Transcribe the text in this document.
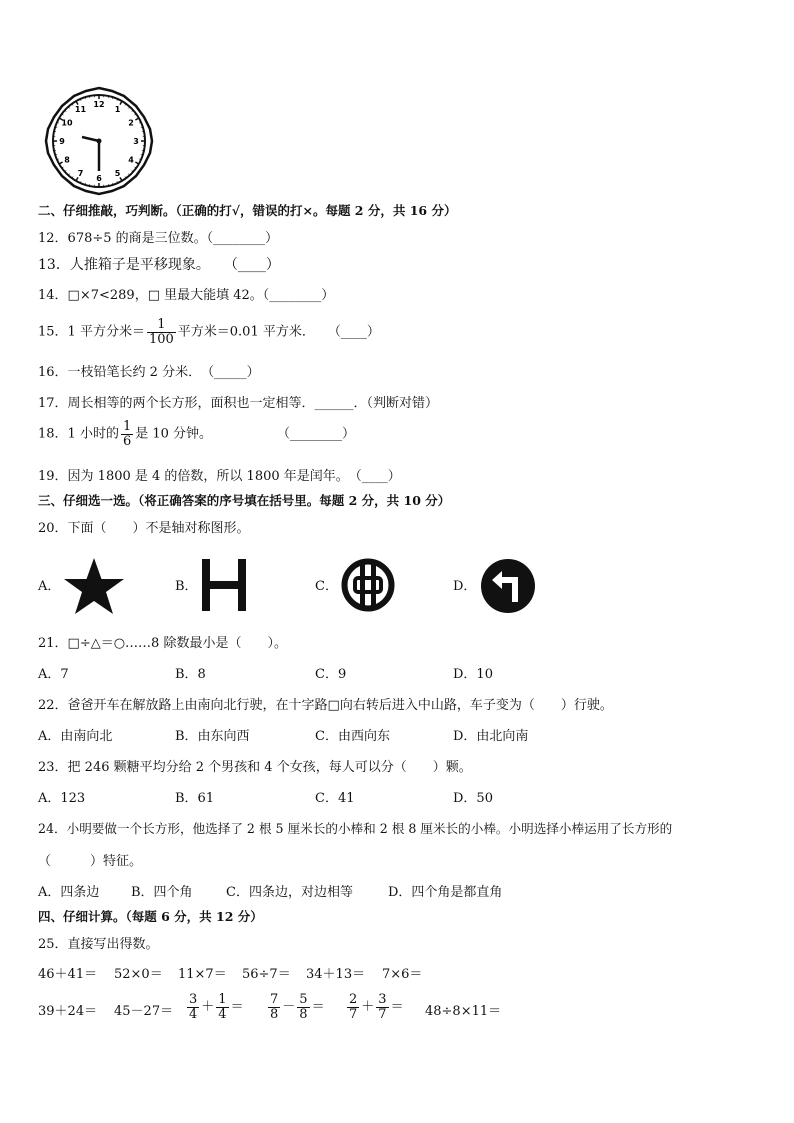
12
1
2
3
4
5
6
7
8
9
10
11
二、仔细推敲，巧判断。（正确的打√，错误的打×。每题 2 分，共 16 分）
12．678÷5 的商是三位数。（________）
13．人推箱子是平移现象。　　（____）
14．□×7<289，□ 里最大能填 42。（________）
15．1 平方分米＝ $\frac{1}{100}$ 平方米＝0.01 平方米．　　（____）
16．一枝铅笔长约 2 分米．　（_____）
17．周长相等的两个长方形，面积也一定相等．______．（判断对错）
18．1 小时的 $\frac{1}{6}$ 是 10 分钟。　　　　　　（________）
19．因为 1800 是 4 的倍数，所以 1800 年是闰年。　（____）
三、仔细选一选。（将正确答案的序号填在括号里。每题 2 分，共 10 分）
20．下面（　　）不是轴对称图形。
A．	B．	C．	D．
21．□÷△＝○……8 除数最小是（　　）。
A．7	B．8	C．9	D．10
22．爸爸开车在解放路上由南向北行驶，在十字路□向右转后进入中山路，车子变为（　　）行驶。
A．由南向北	B．由东向西	C．由西向东	D．由北向南
23．把 246 颗糖平均分给 2 个男孩和 4 个女孩，每人可以分（　　）颗。
A．123	B．61	C．41	D．50
24．小明要做一个长方形，他选择了 2 根 5 厘米长的小棒和 2 根 8 厘米长的小棒。小明选择小棒运用了长方形的
（　　　）特征。
A．四条边 B．四个角	C．四条边，对边相等	D．四个角是都直角
四、仔细计算。（每题 6 分，共 12 分）
25．直接写出得数。
46＋41＝ 52×0＝ 11×7＝ 56÷7＝ 34＋13＝ 7×6＝
$39+24= 45-27= \frac{3}{4} + \frac{1}{4} = \frac{7}{8} - \frac{5}{8} = \frac{2}{7} + \frac{3}{7} = 48\div 8\times 11=$
